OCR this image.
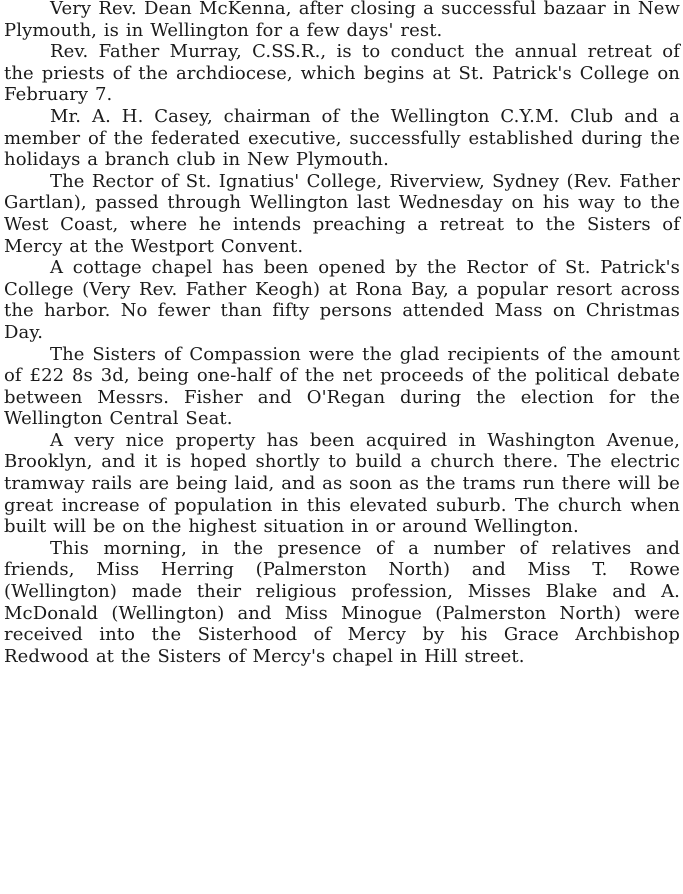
Very Rev. Dean McKenna, after closing a successful bazaar in New Plymouth, is in Wellington for a few days' rest.

Rev. Father Murray, C.SS.R., is to conduct the annual retreat of the priests of the archdiocese, which begins at St. Patrick's College on February 7.

Mr. A. H. Casey, chairman of the Wellington C.Y.M. Club and a member of the federated executive, successfully established during the holidays a branch club in New Plymouth.

The Rector of St. Ignatius' College, Riverview, Sydney (Rev. Father Gartlan), passed through Wellington last Wednesday on his way to the West Coast, where he intends preaching a retreat to the Sisters of Mercy at the Westport Convent.

A cottage chapel has been opened by the Rector of St. Patrick's College (Very Rev. Father Keogh) at Rona Bay, a popular resort across the harbor. No fewer than fifty persons attended Mass on Christmas Day.

The Sisters of Compassion were the glad recipients of the amount of £22 8s 3d, being one-half of the net proceeds of the political debate between Messrs. Fisher and O'Regan during the election for the Wellington Central Seat.

A very nice property has been acquired in Washington Avenue, Brooklyn, and it is hoped shortly to build a church there. The electric tramway rails are being laid, and as soon as the trams run there will be great increase of population in this elevated suburb. The church when built will be on the highest situation in or around Wellington.

This morning, in the presence of a number of relatives and friends, Miss Herring (Palmerston North) and Miss T. Rowe (Wellington) made their religious profession, Misses Blake and A. McDonald (Wellington) and Miss Minogue (Palmerston North) were received into the Sisterhood of Mercy by his Grace Archbishop Redwood at the Sisters of Mercy's chapel in Hill street.
